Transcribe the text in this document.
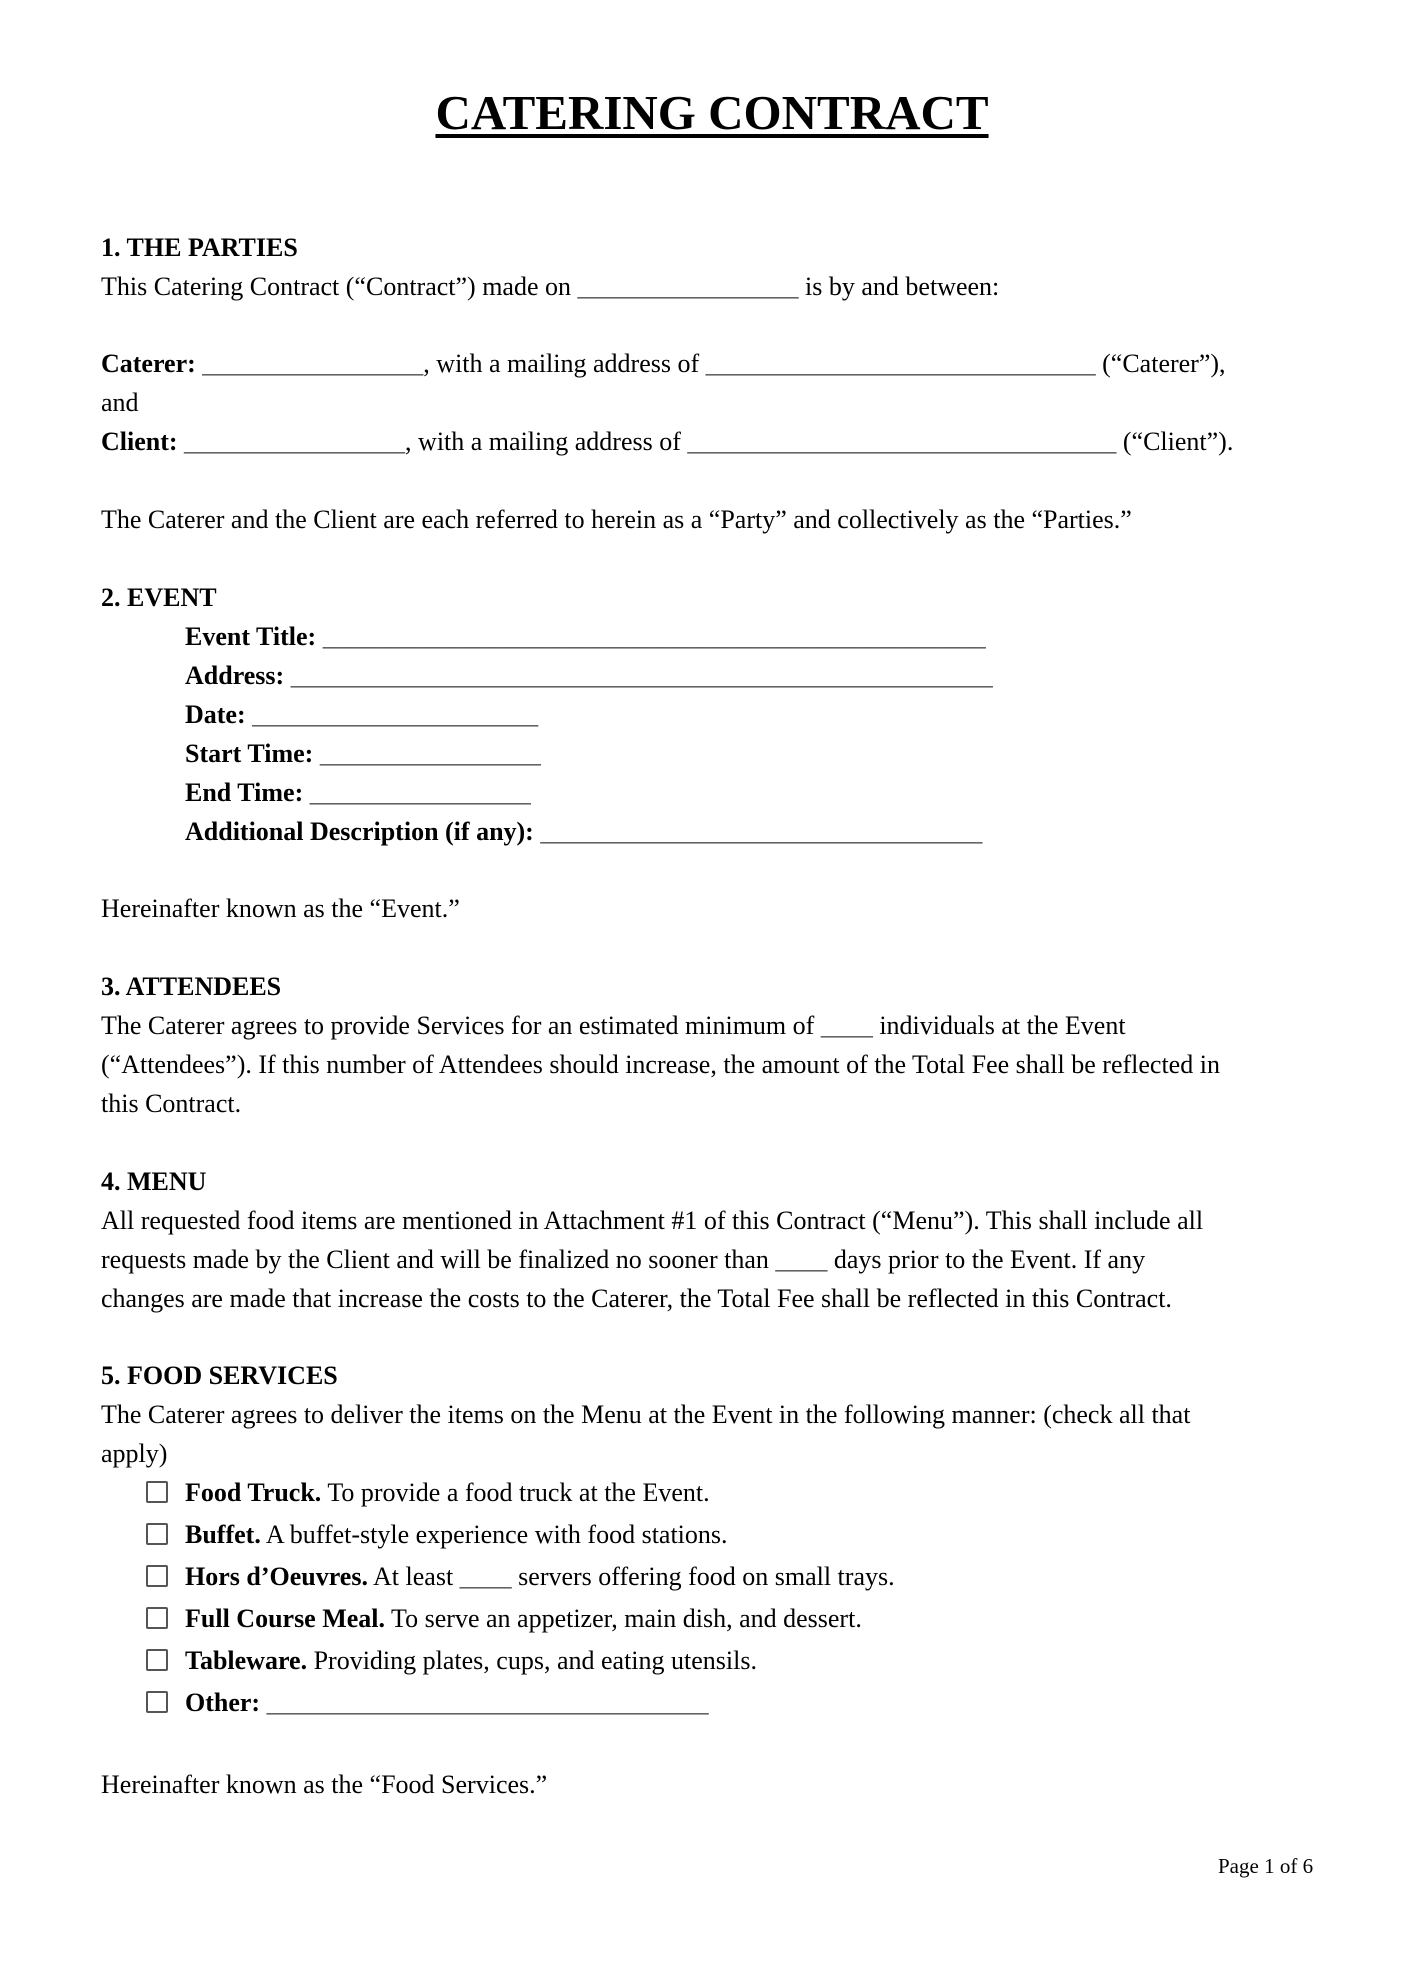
CATERING CONTRACT

1. THE PARTIES

This Catering Contract (“Contract”) made on _________________ is by and between:

Caterer: _________________, with a mailing address of ______________________________ (“Caterer”),

and

Client: _________________, with a mailing address of _________________________________ (“Client”).

The Caterer and the Client are each referred to herein as a “Party” and collectively as the “Parties.”

2. EVENT

Event Title: ___________________________________________________

Address: ______________________________________________________

Date: ______________________

Start Time: _________________

End Time: _________________

Additional Description (if any): __________________________________

Hereinafter known as the “Event.”

3. ATTENDEES

The Caterer agrees to provide Services for an estimated minimum of ____ individuals at the Event

(“Attendees”). If this number of Attendees should increase, the amount of the Total Fee shall be reflected in

this Contract.

4. MENU

All requested food items are mentioned in Attachment #1 of this Contract (“Menu”). This shall include all

requests made by the Client and will be finalized no sooner than ____ days prior to the Event. If any

changes are made that increase the costs to the Caterer, the Total Fee shall be reflected in this Contract.

5. FOOD SERVICES

The Caterer agrees to deliver the items on the Menu at the Event in the following manner: (check all that

apply)

Food Truck. To provide a food truck at the Event.

Buffet. A buffet-style experience with food stations.

Hors d’Oeuvres. At least ____ servers offering food on small trays.

Full Course Meal. To serve an appetizer, main dish, and dessert.

Tableware. Providing plates, cups, and eating utensils.

Other: __________________________________

Hereinafter known as the “Food Services.”

Page 1 of 6
